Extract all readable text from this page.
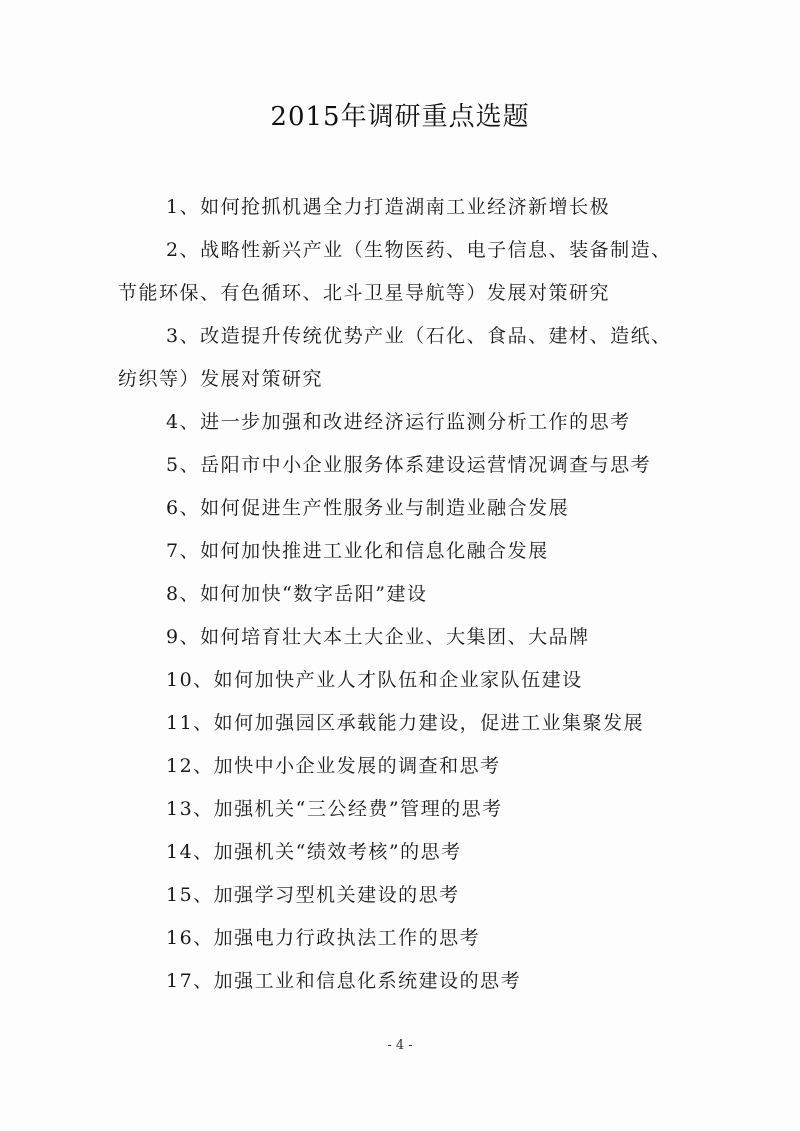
2015年调研重点选题
1、如何抢抓机遇全力打造湖南工业经济新增长极
2、战略性新兴产业（生物医药、电子信息、装备制造、
节能环保、有色循环、北斗卫星导航等）发展对策研究
3、改造提升传统优势产业（石化、食品、建材、造纸、
纺织等）发展对策研究
4、进一步加强和改进经济运行监测分析工作的思考
5、岳阳市中小企业服务体系建设运营情况调查与思考
6、如何促进生产性服务业与制造业融合发展
7、如何加快推进工业化和信息化融合发展
8、如何加快“数字岳阳”建设
9、如何培育壮大本土大企业、大集团、大品牌
10、如何加快产业人才队伍和企业家队伍建设
11、如何加强园区承载能力建设，促进工业集聚发展
12、加快中小企业发展的调查和思考
13、加强机关“三公经费”管理的思考
14、加强机关“绩效考核”的思考
15、加强学习型机关建设的思考
16、加强电力行政执法工作的思考
17、加强工业和信息化系统建设的思考
- 4 -
